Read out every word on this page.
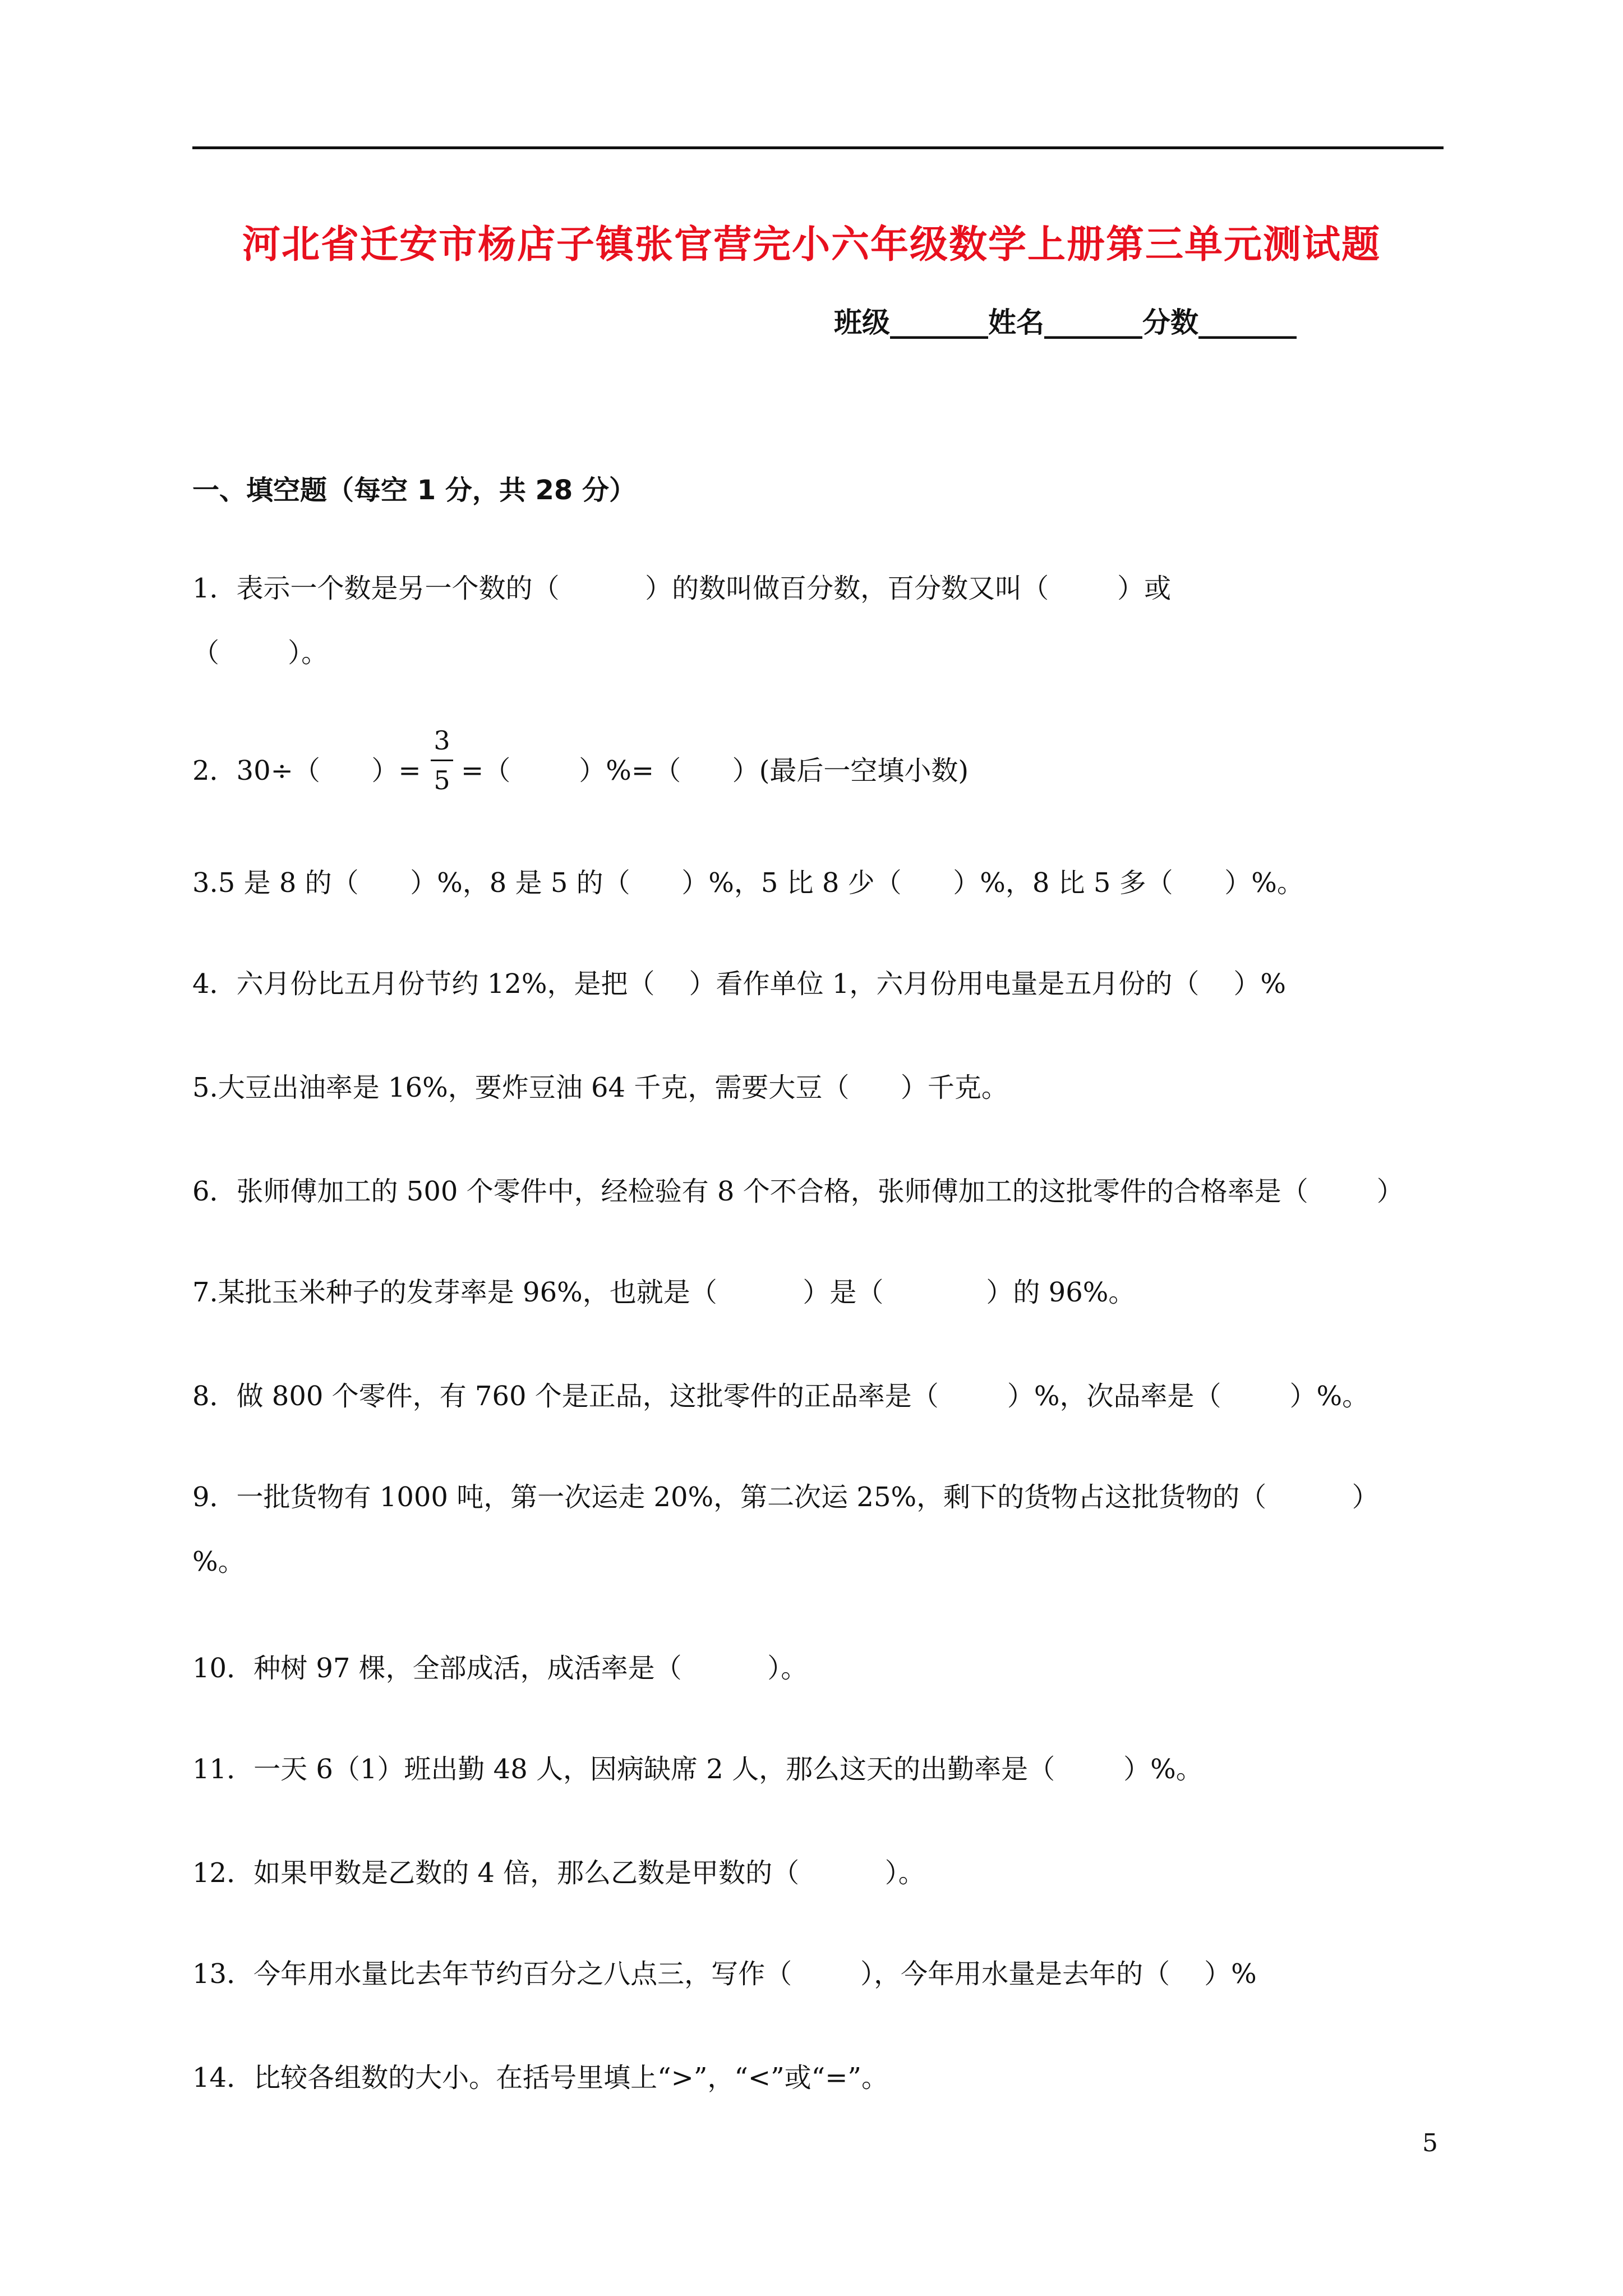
河北省迁安市杨店子镇张官营完小六年级数学上册第三单元测试题
班级_______姓名_______分数_______
一、填空题（每空 1 分，共 28 分）
1．表示一个数是另一个数的（          ）的数叫做百分数，百分数又叫（        ）或
（        ）。
2．30÷（      ）=
3
5 =（        ）%=（      ）(最后一空填小数)
3.5 是 8 的（      ）%，8 是 5 的（      ）%，5 比 8 少（      ）%，8 比 5 多（      ）%。
4．六月份比五月份节约 12%，是把（    ）看作单位 1，六月份用电量是五月份的（    ）%
5.大豆出油率是 16%，要炸豆油 64 千克，需要大豆（      ）千克。
6．张师傅加工的 500 个零件中，经检验有 8 个不合格，张师傅加工的这批零件的合格率是（        ）
7.某批玉米种子的发芽率是 96%，也就是（          ）是（            ）的 96%。
8．做 800 个零件，有 760 个是正品，这批零件的正品率是（        ）%，次品率是（        ）%。
9．一批货物有 1000 吨，第一次运走 20%，第二次运 25%，剩下的货物占这批货物的（          ）
%。
10．种树 97 棵，全部成活，成活率是（          ）。
11．一天 6（1）班出勤 48 人，因病缺席 2 人，那么这天的出勤率是（        ）%。
12．如果甲数是乙数的 4 倍，那么乙数是甲数的（          ）。
13．今年用水量比去年节约百分之八点三，写作（        ），今年用水量是去年的（    ）%
14．比较各组数的大小。在括号里填上“>”，“<”或“=”。
5
